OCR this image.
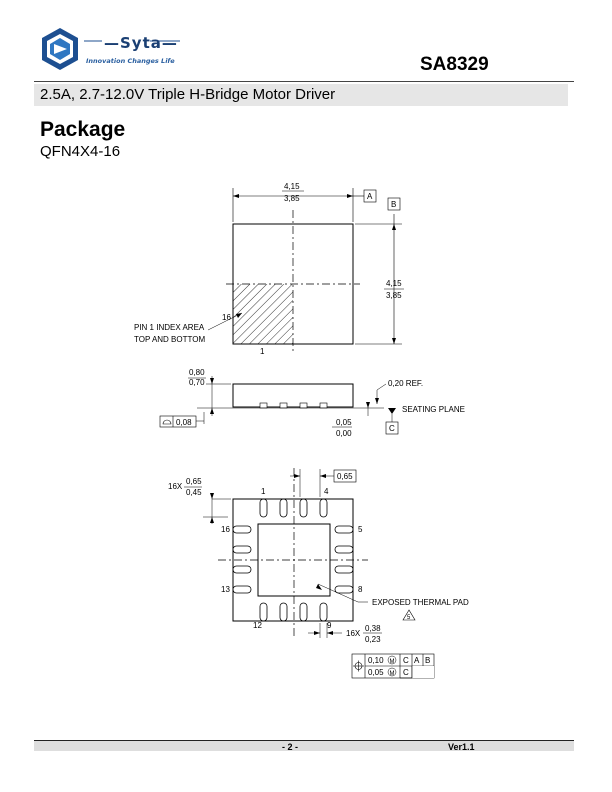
—Syta—
Innovation Changes Life	SA8329
2.5A, 2.7-12.0V Triple H-Bridge Motor Driver
Package
QFN4X4-16
4,15
3,85	A
B
4,15
3,85
16
1
PIN 1 INDEX AREA
TOP AND BOTTOM
0,80
0,70	0,20 REF.
SEATING PLANE
0,05
0,00
C
0,08
1	4
5
8
9
12
13
16
16X
0,65
0,45
0,65
EXPOSED THERMAL PAD
5
16X
0,38
0,23
0,10 M C A B
0,05 M C
- 2 -	Ver1.1
